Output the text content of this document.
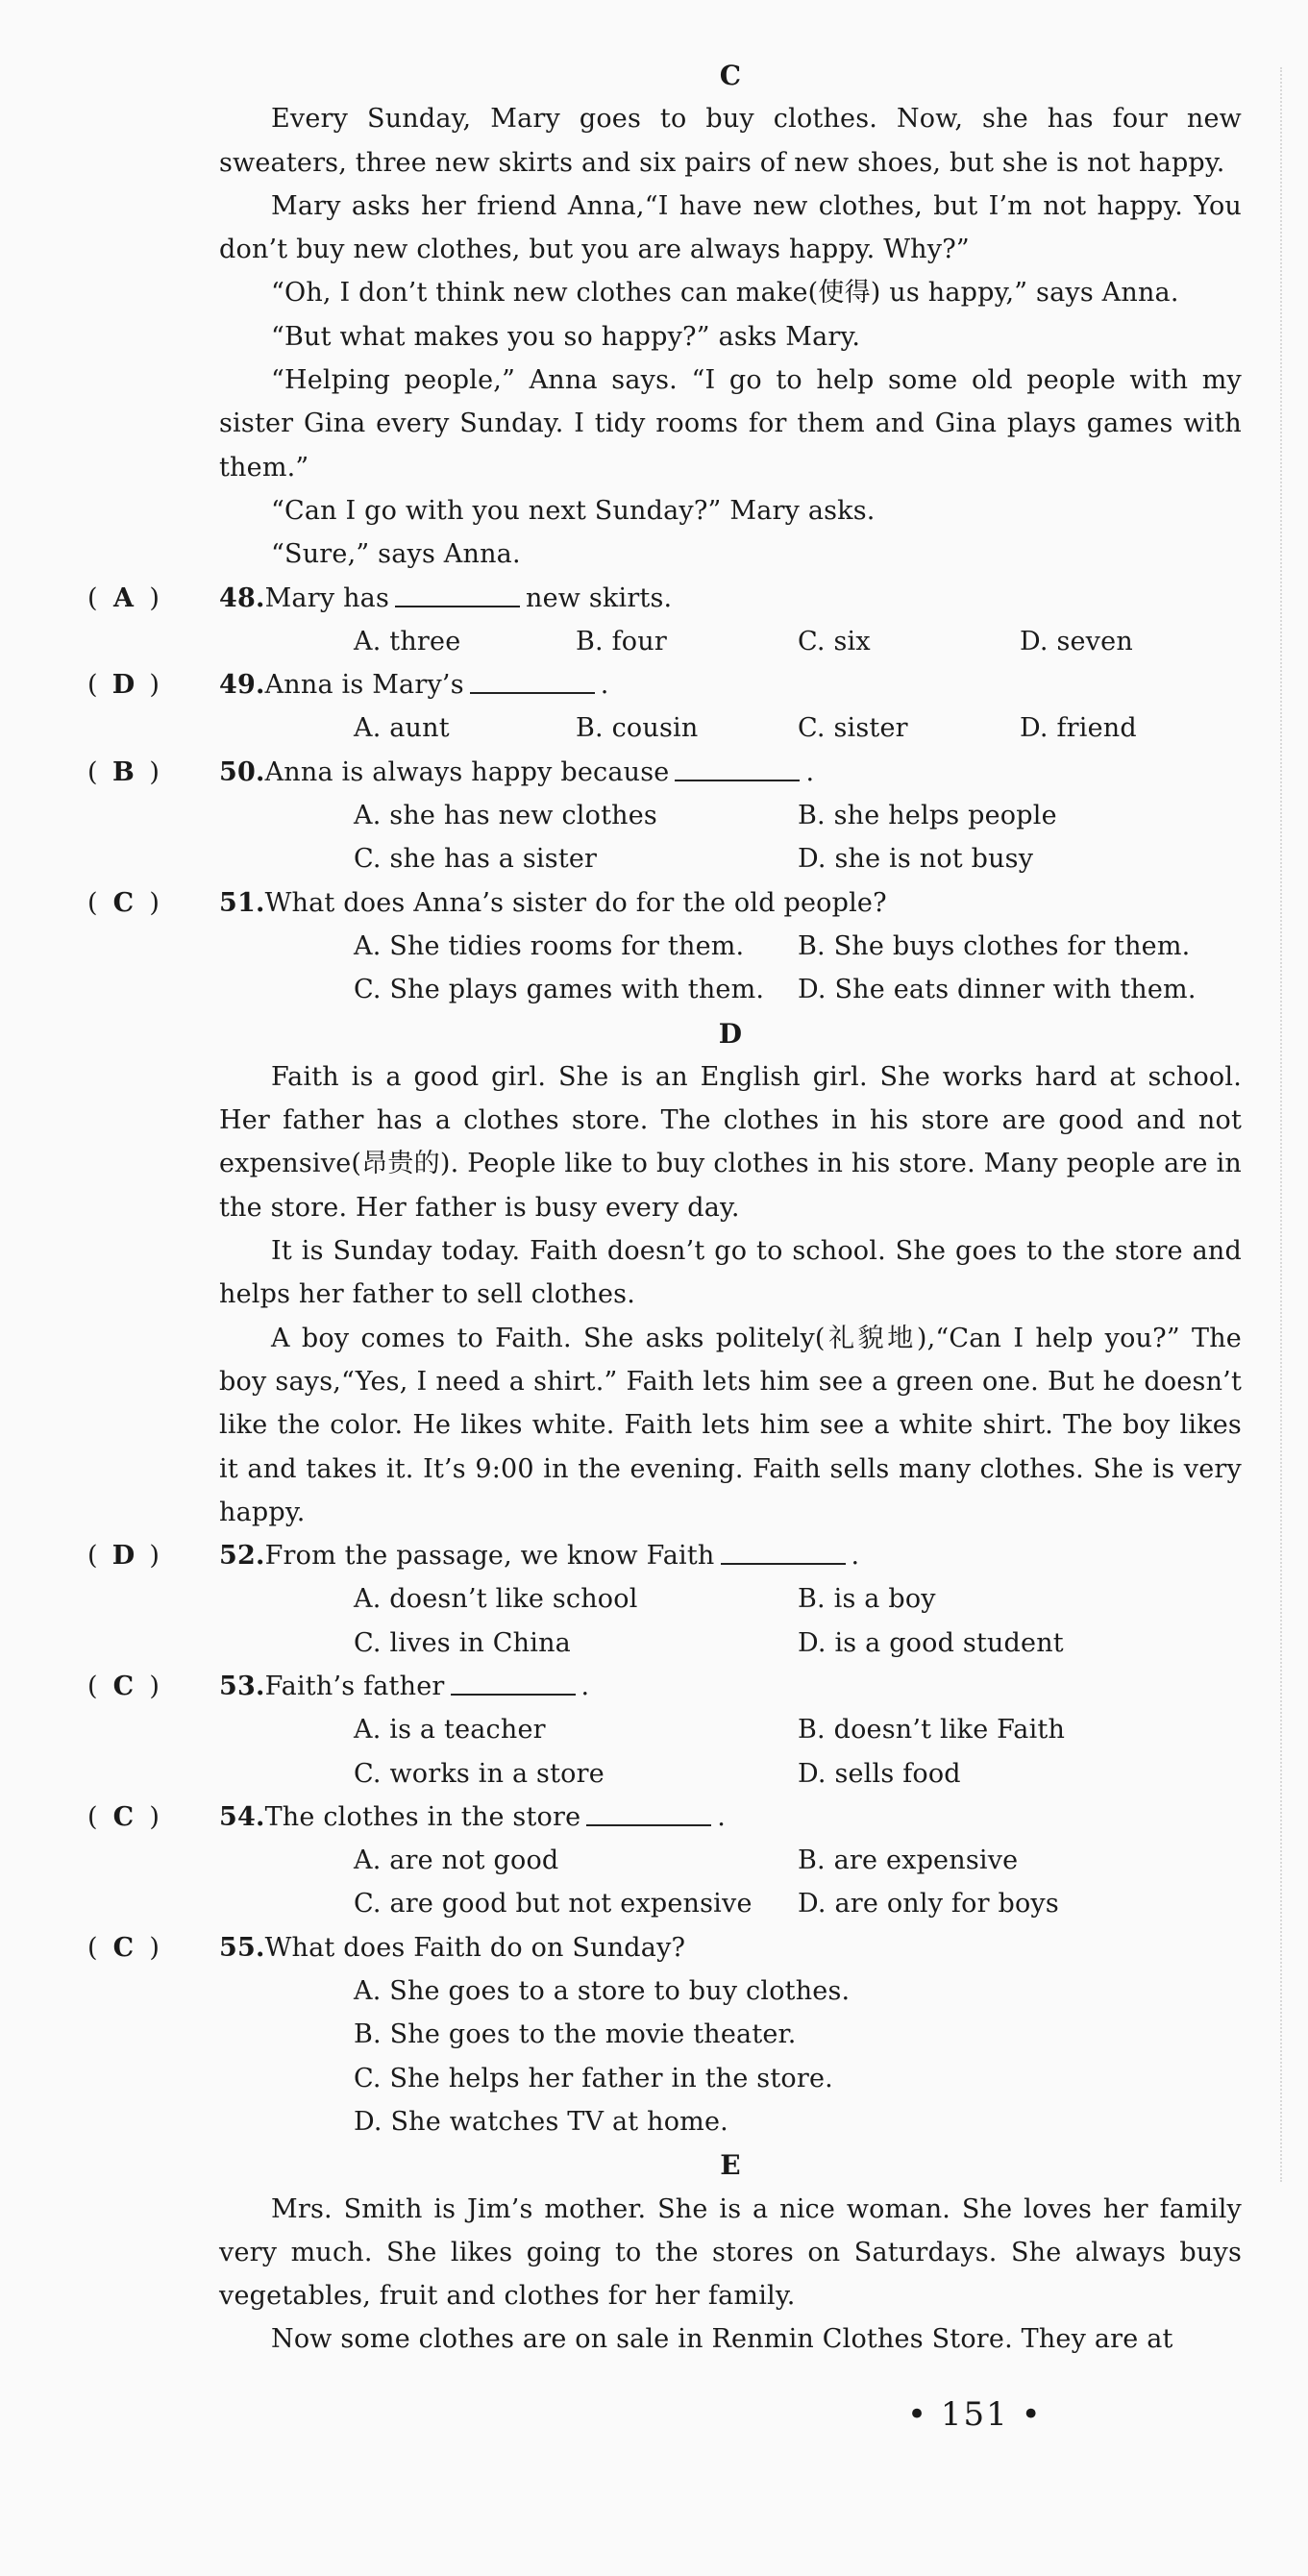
C

Every Sunday, Mary goes to buy clothes. Now, she has four new sweaters, three new skirts and six pairs of new shoes, but she is not happy.

Mary asks her friend Anna,“I have new clothes, but I’m not happy. You don’t buy new clothes, but you are always happy. Why?”

“Oh, I don’t think new clothes can make(使得) us happy,” says Anna.

“But what makes you so happy?” asks Mary.

“Helping people,” Anna says. “I go to help some old people with my sister Gina every Sunday. I tidy rooms for them and Gina plays games with them.”

“Can I go with you next Sunday?” Mary asks.

“Sure,” says Anna.

( A )	48. Mary has	new skirts.
A. three	B. four	C. six	D. seven
( D )	49. Anna is Mary’s	.
A. aunt	B. cousin	C. sister	D. friend
( B )	50. Anna is always happy because	.
A. she has new clothes	B. she helps people
C. she has a sister	D. she is not busy
( C )	51. What does Anna’s sister do for the old people?
A. She tidies rooms for them.	B. She buys clothes for them.
C. She plays games with them.	D. She eats dinner with them.
D

Faith is a good girl. She is an English girl. She works hard at school. Her father has a clothes store. The clothes in his store are good and not expensive(昂贵的). People like to buy clothes in his store. Many people are in the store. Her father is busy every day.

It is Sunday today. Faith doesn’t go to school. She goes to the store and helps her father to sell clothes.

A boy comes to Faith. She asks politely(礼貌地),“Can I help you?” The boy says,“Yes, I need a shirt.” Faith lets him see a green one. But he doesn’t like the color. He likes white. Faith lets him see a white shirt. The boy likes it and takes it. It’s 9:00 in the evening. Faith sells many clothes. She is very happy.

( D )	52. From the passage, we know Faith	.
A. doesn’t like school	B. is a boy
C. lives in China	D. is a good student
( C )	53. Faith’s father	.
A. is a teacher	B. doesn’t like Faith
C. works in a store	D. sells food
( C )	54. The clothes in the store	.
A. are not good	B. are expensive
C. are good but not expensive	D. are only for boys
( C )	55. What does Faith do on Sunday?
A. She goes to a store to buy clothes.
B. She goes to the movie theater.
C. She helps her father in the store.
D. She watches TV at home.
E

Mrs. Smith is Jim’s mother. She is a nice woman. She loves her family very much. She likes going to the stores on Saturdays. She always buys vegetables, fruit and clothes for her family.

Now some clothes are on sale in Renmin Clothes Store. They are at

• 151 •
